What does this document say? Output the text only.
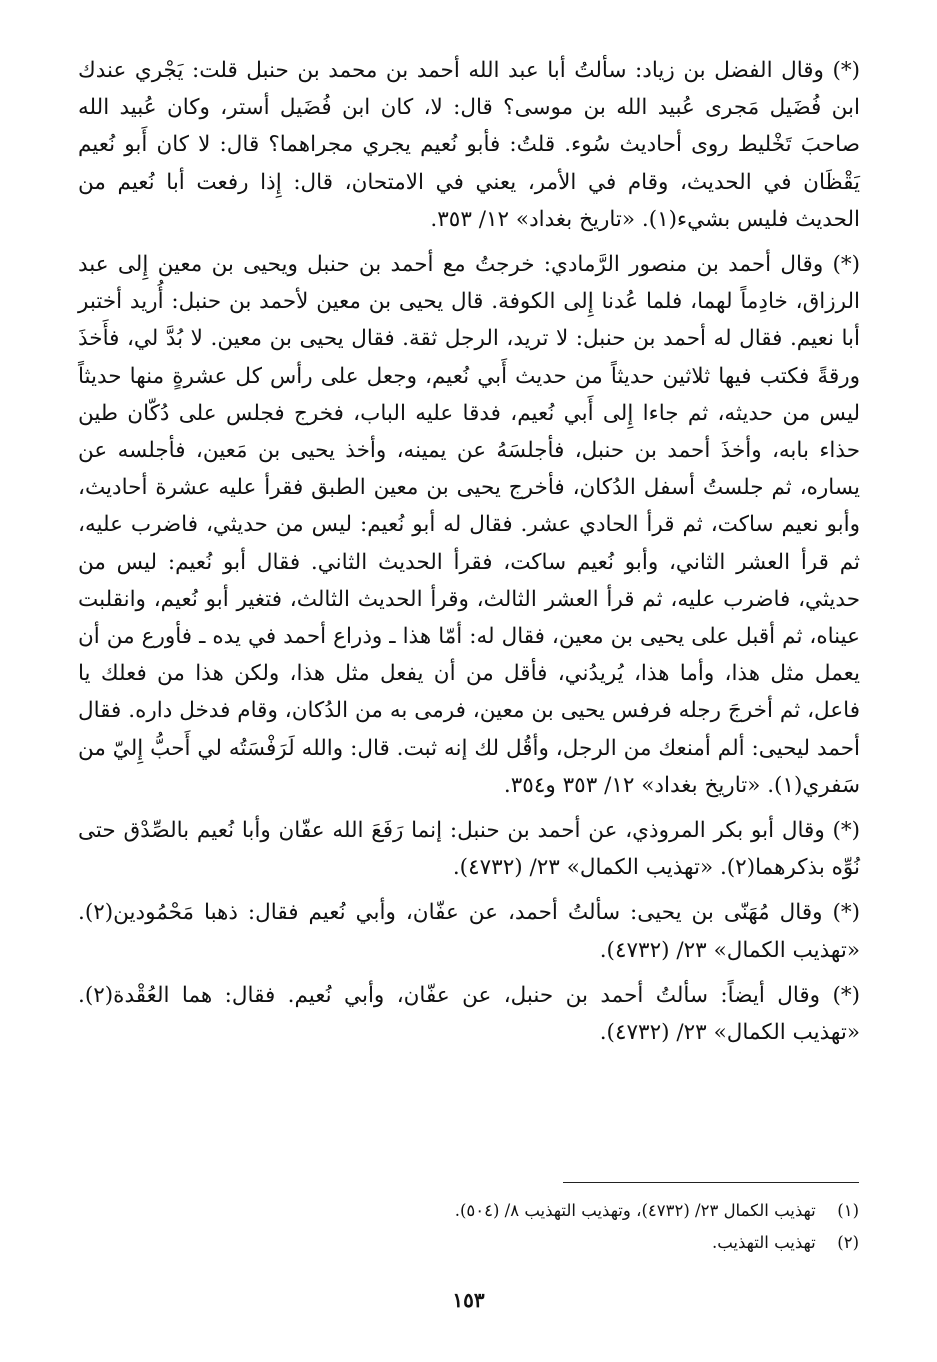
(*) وقال الفضل بن زياد: سألتُ أبا عبد الله أحمد بن محمد بن حنبل قلت: يَجْري عندك ابن فُضَيل مَجرى عُبيد الله بن موسى؟ قال: لا، كان ابن فُضَيل أستر، وكان عُبيد الله صاحبَ تَخْليط روى أحاديث سُوء. قلتُ: فأبو نُعيم يجري مجراهما؟ قال: لا كان أَبو نُعيم يَقْظَان في الحديث، وقام في الأمر، يعني في الامتحان، قال: إِذا رفعت أبا نُعيم من الحديث فليس بشيء(١). «تاريخ بغداد» ١٢/ ٣٥٣.

(*) وقال أحمد بن منصور الرَّمادي: خرجتُ مع أحمد بن حنبل ويحيى بن معين إِلى عبد الرزاق، خادِماً لهما، فلما عُدنا إِلى الكوفة. قال يحيى بن معين لأحمد بن حنبل: أُريد أختبر أبا نعيم. فقال له أحمد بن حنبل: لا تريد، الرجل ثقة. فقال يحيى بن معين. لا بُدَّ لي، فأَخذَ ورقةً فكتب فيها ثلاثين حديثاً من حديث أَبي نُعيم، وجعل على رأس كل عشرةٍ منها حديثاً ليس من حديثه، ثم جاءا إِلى أَبي نُعيم، فدقا عليه الباب، فخرج فجلس على دُكّان طين حذاء بابه، وأخذَ أحمد بن حنبل، فأجلسَهُ عن يمينه، وأخذ يحيى بن مَعين، فأجلسه عن يساره، ثم جلستُ أسفل الدُكان، فأخرج يحيى بن معين الطبق فقرأ عليه عشرة أحاديث، وأبو نعيم ساكت، ثم قرأ الحادي عشر. فقال له أبو نُعيم: ليس من حديثي، فاضرب عليه، ثم قرأ العشر الثاني، وأبو نُعيم ساكت، فقرأ الحديث الثاني. فقال أبو نُعيم: ليس من حديثي، فاضرب عليه، ثم قرأ العشر الثالث، وقرأ الحديث الثالث، فتغير أبو نُعيم، وانقلبت عيناه، ثم أقبل على يحيى بن معين، فقال له: أمّا هذا ـ وذراع أحمد في يده ـ فأورع من أن يعمل مثل هذا، وأما هذا، يُريدُني، فأقل من أن يفعل مثل هذا، ولكن هذا من فعلك يا فاعل، ثم أخرجَ رجله فرفس يحيى بن معين، فرمى به من الدُكان، وقام فدخل داره. فقال أحمد ليحيى: ألم أمنعك من الرجل، وأقُل لك إنه ثبت. قال: والله لَرَفْسَتُه لي أَحبُّ إِليّ من سَفري(١). «تاريخ بغداد» ١٢/ ٣٥٣ و٣٥٤.

(*) وقال أبو بكر المروذي، عن أحمد بن حنبل: إنما رَفَعَ الله عفّان وأبا نُعيم بالصِّدْق حتى نُوِّه بذكرهما(٢). «تهذيب الكمال» ٢٣/ (٤٧٣٢).

(*) وقال مُهَنّى بن يحيى: سألتُ أحمد، عن عفّان، وأبي نُعيم فقال: ذهبا مَحْمُودين(٢). «تهذيب الكمال» ٢٣/ (٤٧٣٢).

(*) وقال أيضاً: سألتُ أحمد بن حنبل، عن عفّان، وأبي نُعيم. فقال: هما العُقْدة(٢). «تهذيب الكمال» ٢٣/ (٤٧٣٢).

(١) تهذيب الكمال ٢٣/ (٤٧٣٢)، وتهذيب التهذيب ٨/ (٥٠٤).
(٢) تهذيب التهذيب.
١٥٣
